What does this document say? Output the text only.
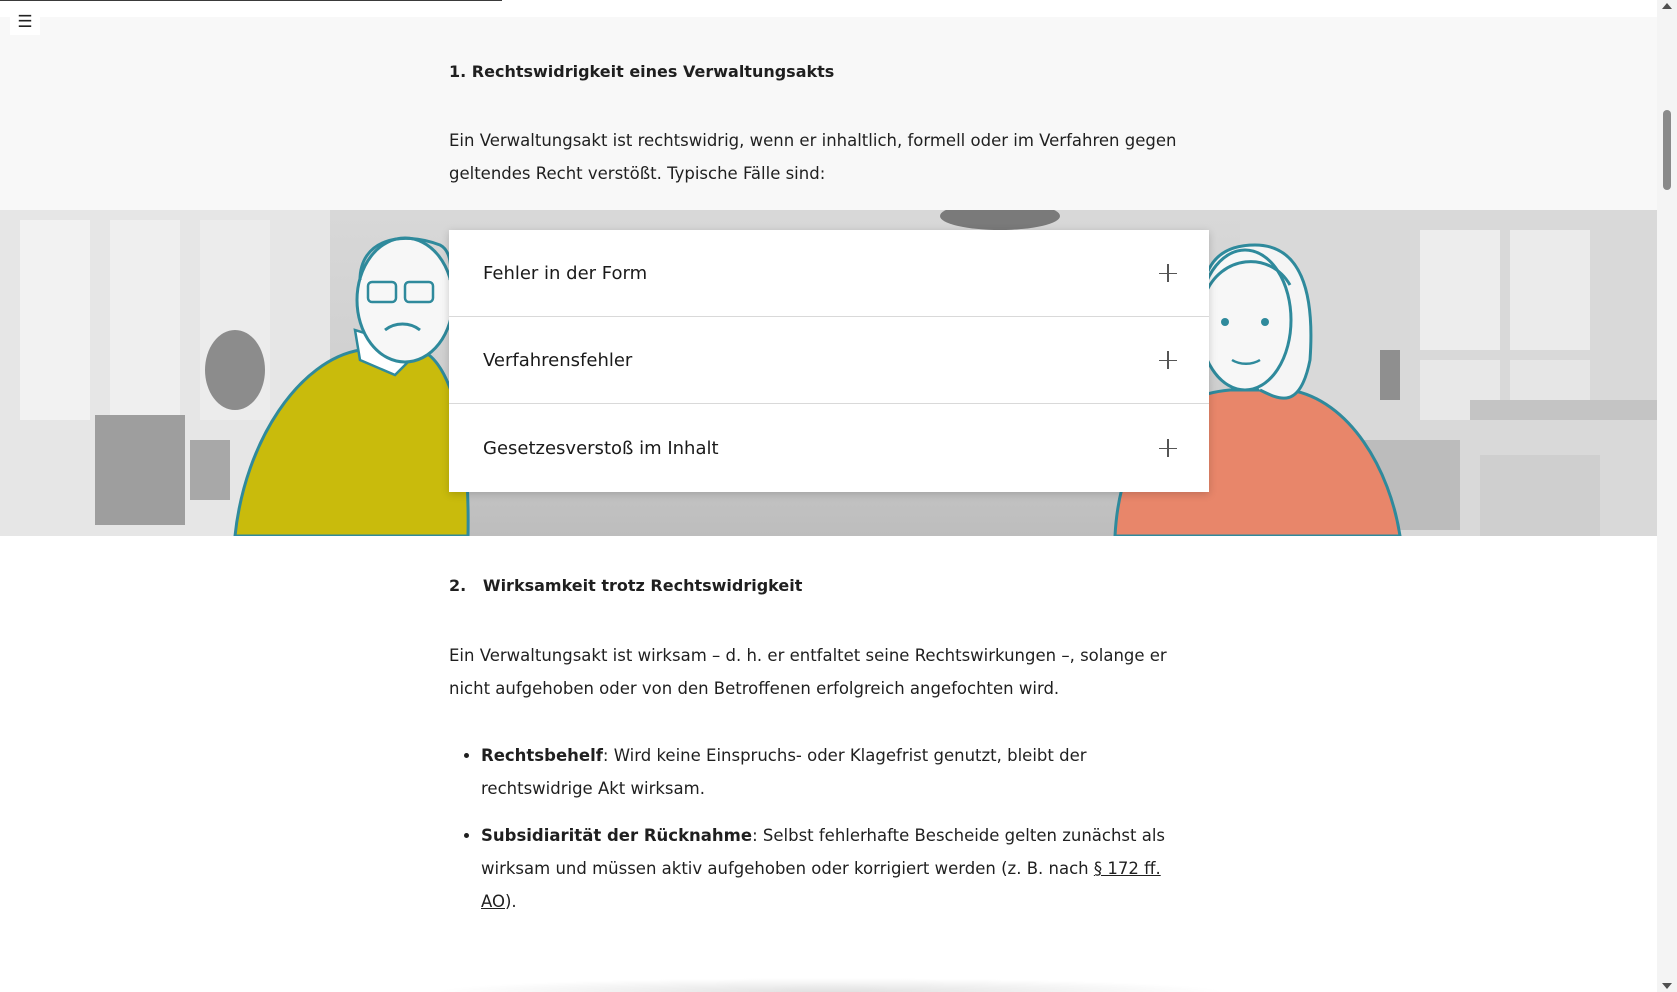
☰
1. Rechtswidrigkeit eines Verwaltungsakts

Ein Verwaltungsakt ist rechtswidrig, wenn er inhaltlich, formell oder im Verfahren gegen geltendes Recht verstößt. Typische Fälle sind:

Fehler in der Form
Verfahrensfehler
Gesetzesverstoß im Inhalt
2.   Wirksamkeit trotz Rechtswidrigkeit

Ein Verwaltungsakt ist wirksam – d. h. er entfaltet seine Rechtswirkungen –, solange er nicht aufgehoben oder von den Betroffenen erfolgreich angefochten wird.

• Rechtsbehelf: Wird keine Einspruchs- oder Klagefrist genutzt, bleibt der rechtswidrige Akt wirksam.
• Subsidiarität der Rücknahme: Selbst fehlerhafte Bescheide gelten zunächst als wirksam und müssen aktiv aufgehoben oder korrigiert werden (z. B. nach § 172 ff. AO).
